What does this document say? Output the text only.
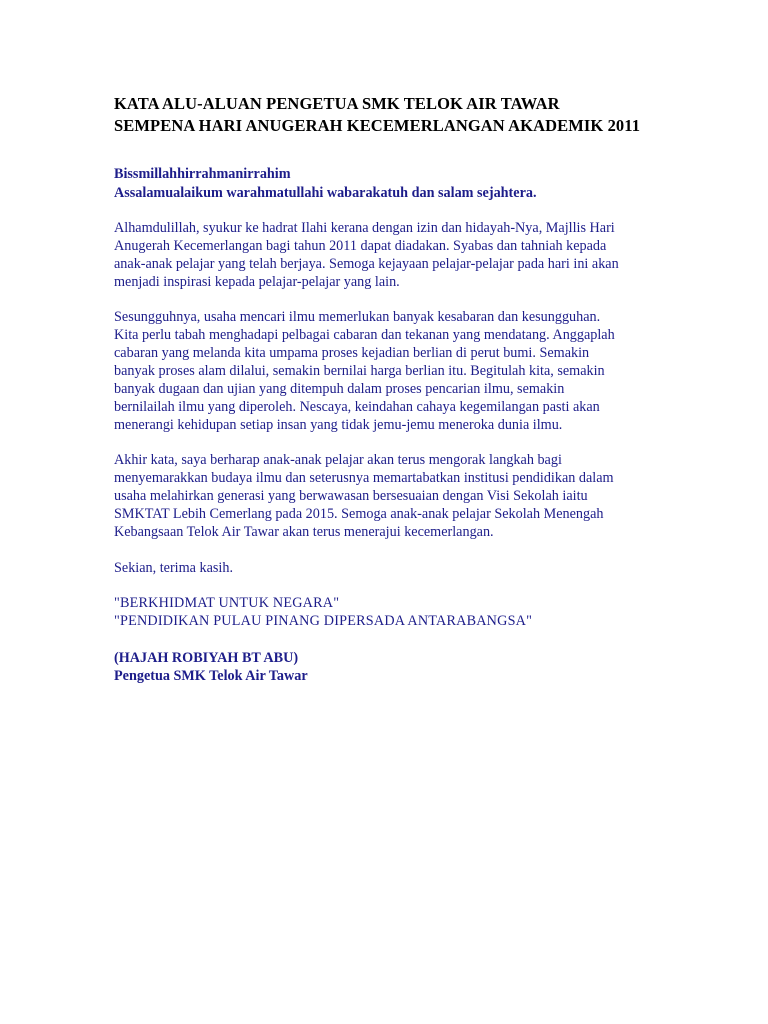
KATA ALU-ALUAN PENGETUA SMK TELOK AIR TAWAR
SEMPENA HARI ANUGERAH KECEMERLANGAN AKADEMIK 2011
Bissmillahhirrahmanirrahim
Assalamualaikum warahmatullahi wabarakatuh dan salam sejahtera.
Alhamdulillah, syukur ke hadrat Ilahi kerana dengan izin dan hidayah-Nya, Majllis Hari
Anugerah Kecemerlangan bagi tahun 2011 dapat diadakan. Syabas dan tahniah kepada
anak-anak pelajar yang telah berjaya. Semoga kejayaan pelajar-pelajar pada hari ini akan
menjadi inspirasi kepada pelajar-pelajar yang lain.
Sesungguhnya, usaha mencari ilmu memerlukan banyak kesabaran dan kesungguhan.
Kita perlu tabah menghadapi pelbagai cabaran dan tekanan yang mendatang. Anggaplah
cabaran yang melanda kita umpama proses kejadian berlian di perut bumi. Semakin
banyak proses alam dilalui, semakin bernilai harga berlian itu. Begitulah kita, semakin
banyak dugaan dan ujian yang ditempuh dalam proses pencarian ilmu, semakin
bernilailah ilmu yang diperoleh. Nescaya, keindahan cahaya kegemilangan pasti akan
menerangi kehidupan setiap insan yang tidak jemu-jemu meneroka dunia ilmu.
Akhir kata, saya berharap anak-anak pelajar akan terus mengorak langkah bagi
menyemarakkan budaya ilmu dan seterusnya memartabatkan institusi pendidikan dalam
usaha melahirkan generasi yang berwawasan bersesuaian dengan Visi Sekolah iaitu
SMKTAT Lebih Cemerlang pada 2015. Semoga anak-anak pelajar Sekolah Menengah
Kebangsaan Telok Air Tawar akan terus menerajui kecemerlangan.
Sekian, terima kasih.
"BERKHIDMAT UNTUK NEGARA"
"PENDIDIKAN PULAU PINANG DIPERSADA ANTARABANGSA"
(HAJAH ROBIYAH BT ABU)
Pengetua SMK Telok Air Tawar
